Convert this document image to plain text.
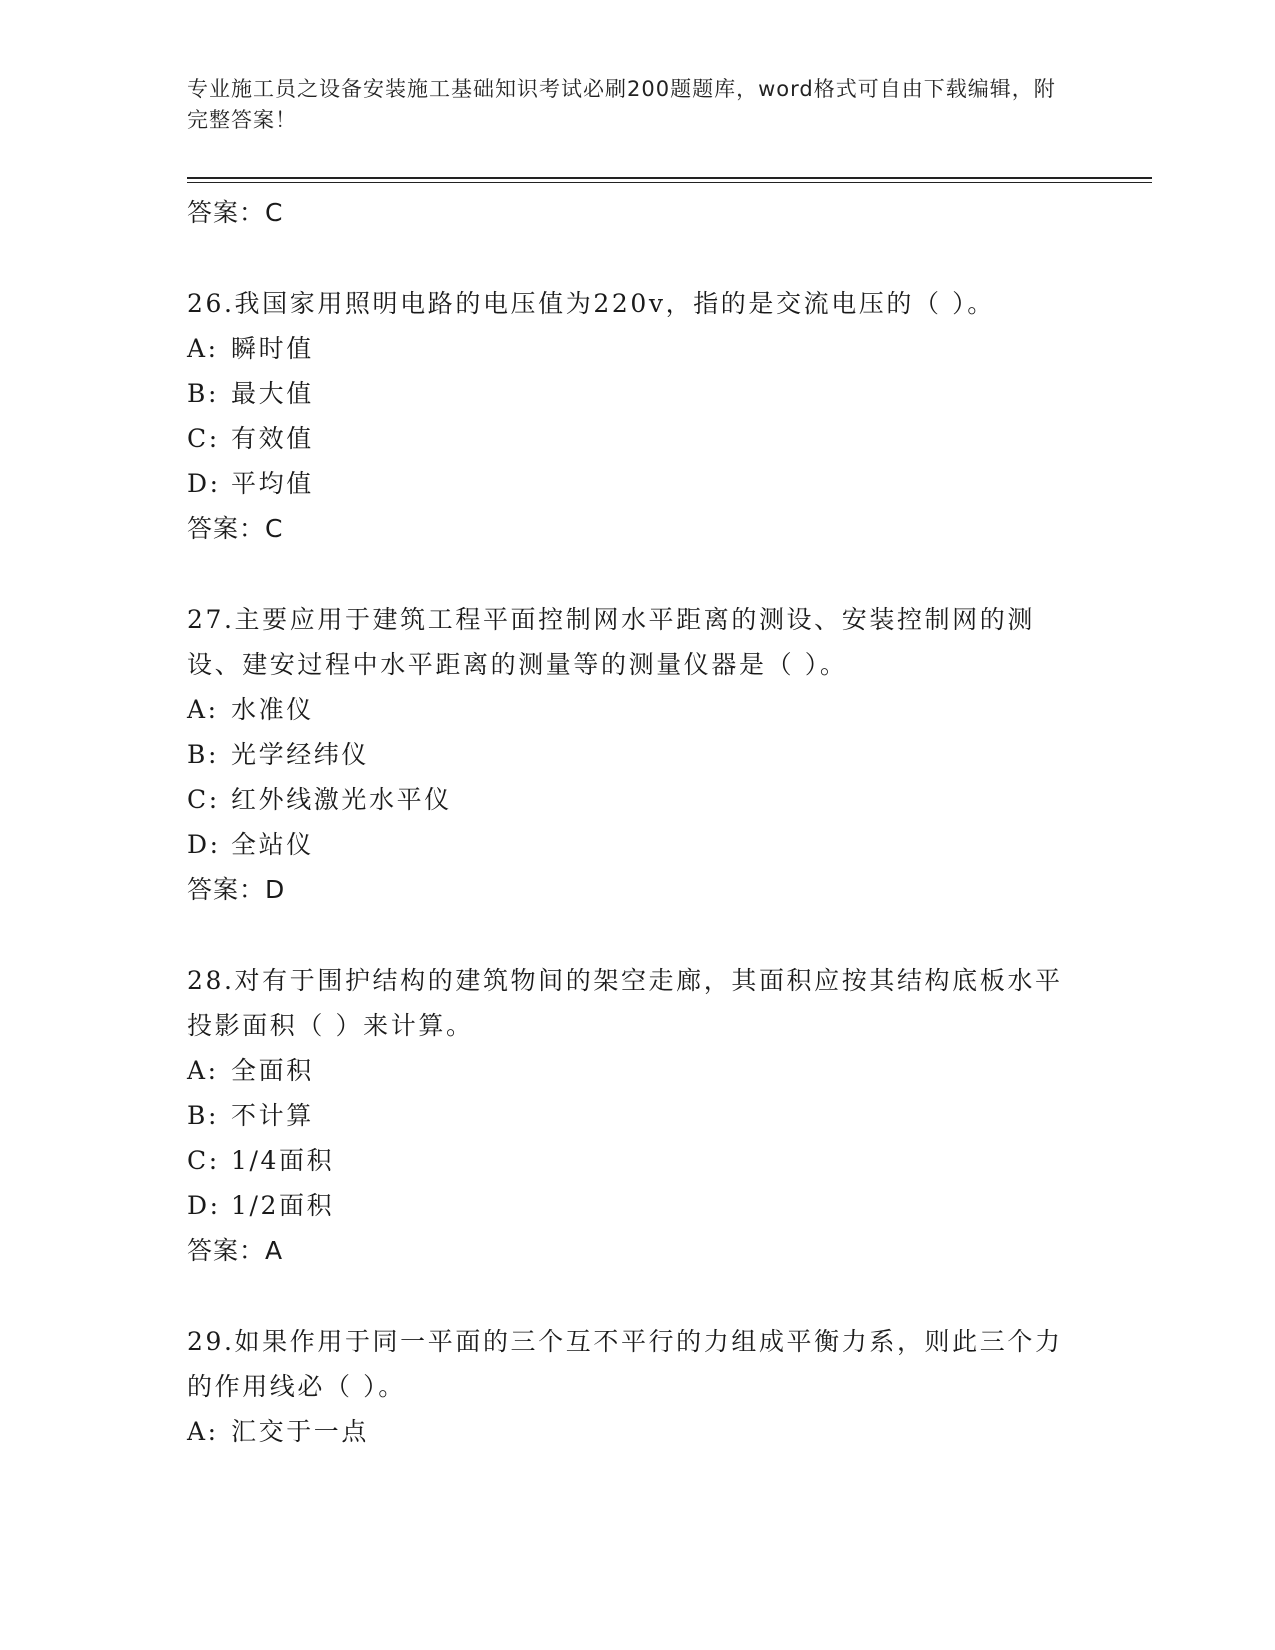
专业施工员之设备安装施工基础知识考试必刷200题题库，word格式可自由下载编辑，附完整答案！
答案：C

26.我国家用照明电路的电压值为220v，指的是交流电压的（ ）。

A: 瞬时值
B: 最大值
C: 有效值
D: 平均值
答案：C

27.主要应用于建筑工程平面控制网水平距离的测设、安装控制网的测设、建安过程中水平距离的测量等的测量仪器是（ ）。

A: 水准仪
B: 光学经纬仪
C: 红外线激光水平仪
D: 全站仪
答案：D

28.对有于围护结构的建筑物间的架空走廊，其面积应按其结构底板水平投影面积（ ）来计算。

A: 全面积
B: 不计算
C: 1/4面积
D: 1/2面积
答案：A

29.如果作用于同一平面的三个互不平行的力组成平衡力系，则此三个力的作用线必（ ）。

A: 汇交于一点
